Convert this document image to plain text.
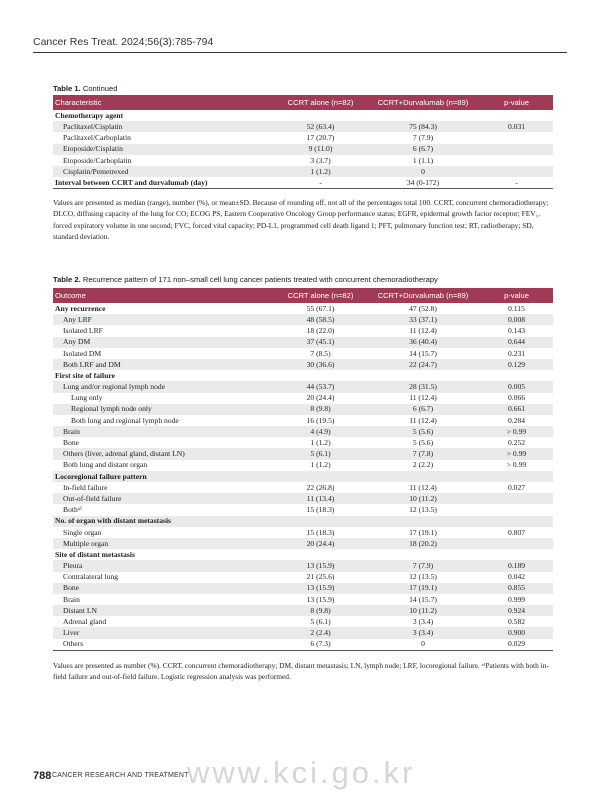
Cancer Res Treat. 2024;56(3):785-794
Table 1. Continued
Characteristic	CCRT alone (n=82)	CCRT+Durvalumab (n=89)	p-value
Chemotherapy agent			
Paclitaxel/Cisplatin	52 (63.4)	75 (84.3)	0.031
Paclitaxel/Carboplatin	17 (20.7)	7 (7.9)	
Etoposide/Cisplatin	9 (11.0)	6 (6.7)	
Etoposide/Carboplatin	3 (3.7)	1 (1.1)	
Cisplatin/Pemetrexed	1 (1.2)	0	
Interval between CCRT and durvalumab (day)	-	34 (0-172)	-
Values are presented as median (range), number (%), or mean±SD. Because of rounding off, not all of the percentages total 100. CCRT, concurrent chemoradiotherapy; DLCO, diffusing capacity of the lung for CO; ECOG PS, Eastern Cooperative Oncology Group performance status; EGFR, epidermal growth factor receptor; FEV₁, forced expiratory volume in one second; FVC, forced vital capacity; PD-L1, programmed cell death ligand 1; PFT, pulmonary function test; RT, radiotherapy; SD, standard deviation.
Table 2. Recurrence pattern of 171 non–small cell lung cancer patients treated with concurrent chemoradiotherapy
Outcome	CCRT alone (n=82)	CCRT+Durvalumab (n=89)	p-value
Any recurrence	55 (67.1)	47 (52.8)	0.115
Any LRF	48 (58.5)	33 (37.1)	0.008
Isolated LRF	18 (22.0)	11 (12.4)	0.143
Any DM	37 (45.1)	36 (40.4)	0.644
Isolated DM	7 (8.5)	14 (15.7)	0.231
Both LRF and DM	30 (36.6)	22 (24.7)	0.129
First site of failure			
Lung and/or regional lymph node	44 (53.7)	28 (31.5)	0.005
Lung only	20 (24.4)	11 (12.4)	0.066
Regional lymph node only	8 (9.8)	6 (6.7)	0.661
Both lung and regional lymph node	16 (19.5)	11 (12.4)	0.284
Brain	4 (4.9)	5 (5.6)	> 0.99
Bone	1 (1.2)	5 (5.6)	0.252
Others (liver, adrenal gland, distant LN)	5 (6.1)	7 (7.8)	> 0.99
Both lung and distant organ	1 (1.2)	2 (2.2)	> 0.99
Locoregional failure pattern			
In-field failure	22 (26.8)	11 (12.4)	0.027
Out-of-field failure	11 (13.4)	10 (11.2)	
Bothᵃ⁾	15 (18.3)	12 (13.5)	
No. of organ with distant metastasis			
Single organ	15 (18.3)	17 (19.1)	0.807
Multiple organ	20 (24.4)	18 (20.2)	
Site of distant metastasis			
Pleura	13 (15.9)	7 (7.9)	0.189
Contralateral lung	21 (25.6)	12 (13.5)	0.042
Bone	13 (15.9)	17 (19.1)	0.855
Brain	13 (15.9)	14 (15.7)	0.999
Distant LN	8 (9.8)	10 (11.2)	0.924
Adrenal gland	5 (6.1)	3 (3.4)	0.582
Liver	2 (2.4)	3 (3.4)	0.900
Others	6 (7.3)	0	0.029
Values are presented as number (%). CCRT, concurrent chemoradiotherapy; DM, distant metastasis; LN, lymph node; LRF, locoregional failure. ᵃ⁾Patients with both in-field failure and out-of-field failure. Logistic regression analysis was performed.
www.kci.go.kr
788 CANCER RESEARCH AND TREATMENT
